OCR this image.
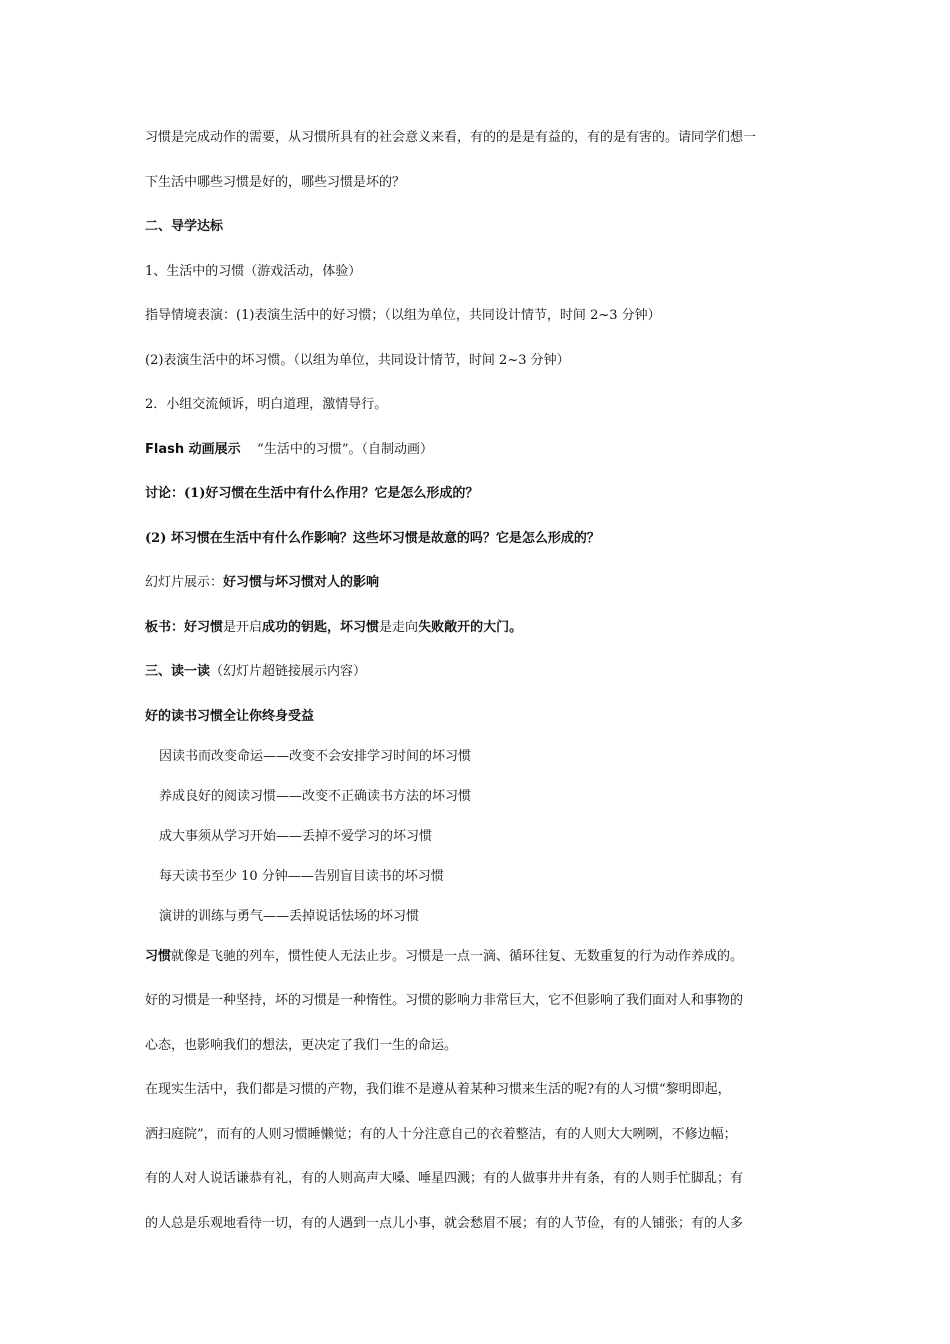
习惯是完成动作的需要，从习惯所具有的社会意义来看，有的的是是有益的，有的是有害的。请同学们想一
下生活中哪些习惯是好的，哪些习惯是坏的？
二、导学达标
1、生活中的习惯（游戏活动，体验）
指导情境表演：(1)表演生活中的好习惯；（以组为单位，共同设计情节，时间 2~3 分钟）
(2)表演生活中的坏习惯。（以组为单位，共同设计情节，时间 2~3 分钟）
2．小组交流倾诉，明白道理，激情导行。
Flash 动画展示 “生活中的习惯”。（自制动画）
讨论：(1)好习惯在生活中有什么作用？它是怎么形成的？
(2) 坏习惯在生活中有什么作影响？这些坏习惯是故意的吗？它是怎么形成的？
幻灯片展示：好习惯与坏习惯对人的影响
板书：好习惯是开启成功的钥匙，坏习惯是走向失败敞开的大门。
三、读一读（幻灯片超链接展示内容）
好的读书习惯全让你终身受益
因读书而改变命运——改变不会安排学习时间的坏习惯
养成良好的阅读习惯——改变不正确读书方法的坏习惯
成大事须从学习开始——丢掉不爱学习的坏习惯
每天读书至少 10 分钟——告别盲目读书的坏习惯
演讲的训练与勇气——丢掉说话怯场的坏习惯
习惯就像是飞驰的列车，惯性使人无法止步。习惯是一点一滴、循环往复、无数重复的行为动作养成的。
好的习惯是一种坚持，坏的习惯是一种惰性。习惯的影响力非常巨大，它不但影响了我们面对人和事物的
心态，也影响我们的想法，更决定了我们一生的命运。
在现实生活中，我们都是习惯的产物，我们谁不是遵从着某种习惯来生活的呢?有的人习惯“黎明即起，
洒扫庭院”，而有的人则习惯睡懒觉；有的人十分注意自己的衣着整洁，有的人则大大咧咧，不修边幅；
有的人对人说话谦恭有礼，有的人则高声大嗓、唾星四溅；有的人做事井井有条，有的人则手忙脚乱；有
的人总是乐观地看待一切，有的人遇到一点儿小事，就会愁眉不展；有的人节俭，有的人铺张；有的人多
